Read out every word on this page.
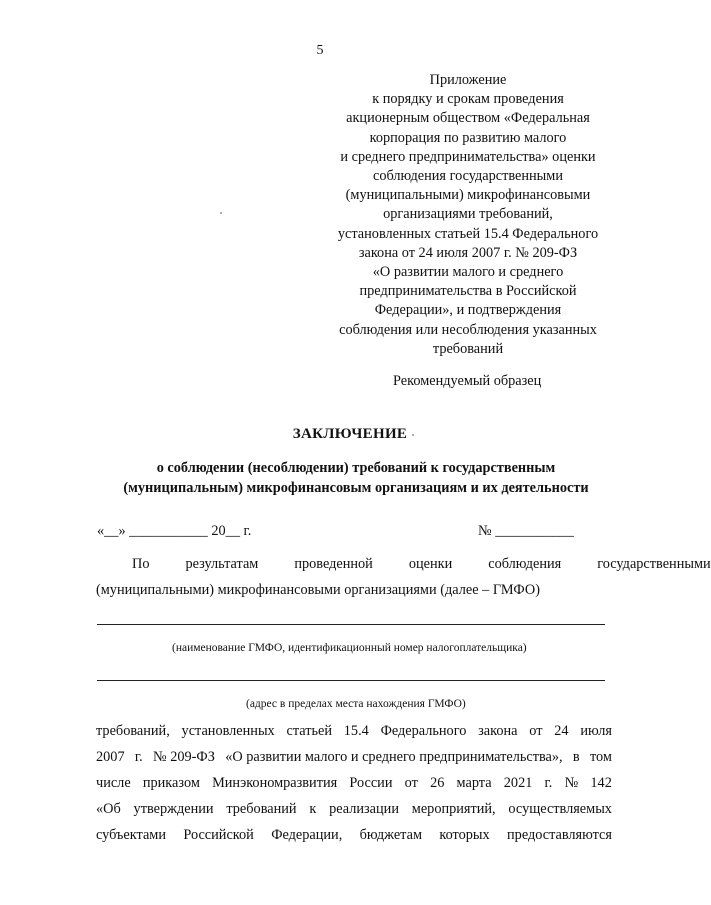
5
Приложение
к порядку и срокам проведения
акционерным обществом «Федеральная
корпорация по развитию малого
и среднего предпринимательства» оценки
соблюдения государственными
(муниципальными) микрофинансовыми
организациями требований,
установленных статьей 15.4 Федерального
закона от 24 июля 2007 г. № 209-ФЗ
«О развитии малого и среднего
предпринимательства в Российской
Федерации», и подтверждения
соблюдения или несоблюдения указанных
требований
Рекомендуемый образец
ЗАКЛЮЧЕНИЕ
о соблюдении (несоблюдении) требований к государственным
(муниципальным) микрофинансовым организациям и их деятельности
«__» ___________ 20__ г.	№ ___________
По	результатам	проведенной	оценки	соблюдения	государственными
(муниципальными) микрофинансовыми организациями (далее – ГМФО)
(наименование ГМФО, идентификационный номер налогоплательщика)
(адрес в пределах места нахождения ГМФО)
требований, установленных статьей 15.4 Федерального закона от 24 июля
2007 г. № 209-ФЗ «О развитии малого и среднего предпринимательства», в том
числе приказом Минэкономразвития России от 26 марта 2021 г. № 142
«Об утверждении требований к реализации мероприятий, осуществляемых
субъектами Российской Федерации, бюджетам которых предоставляются
